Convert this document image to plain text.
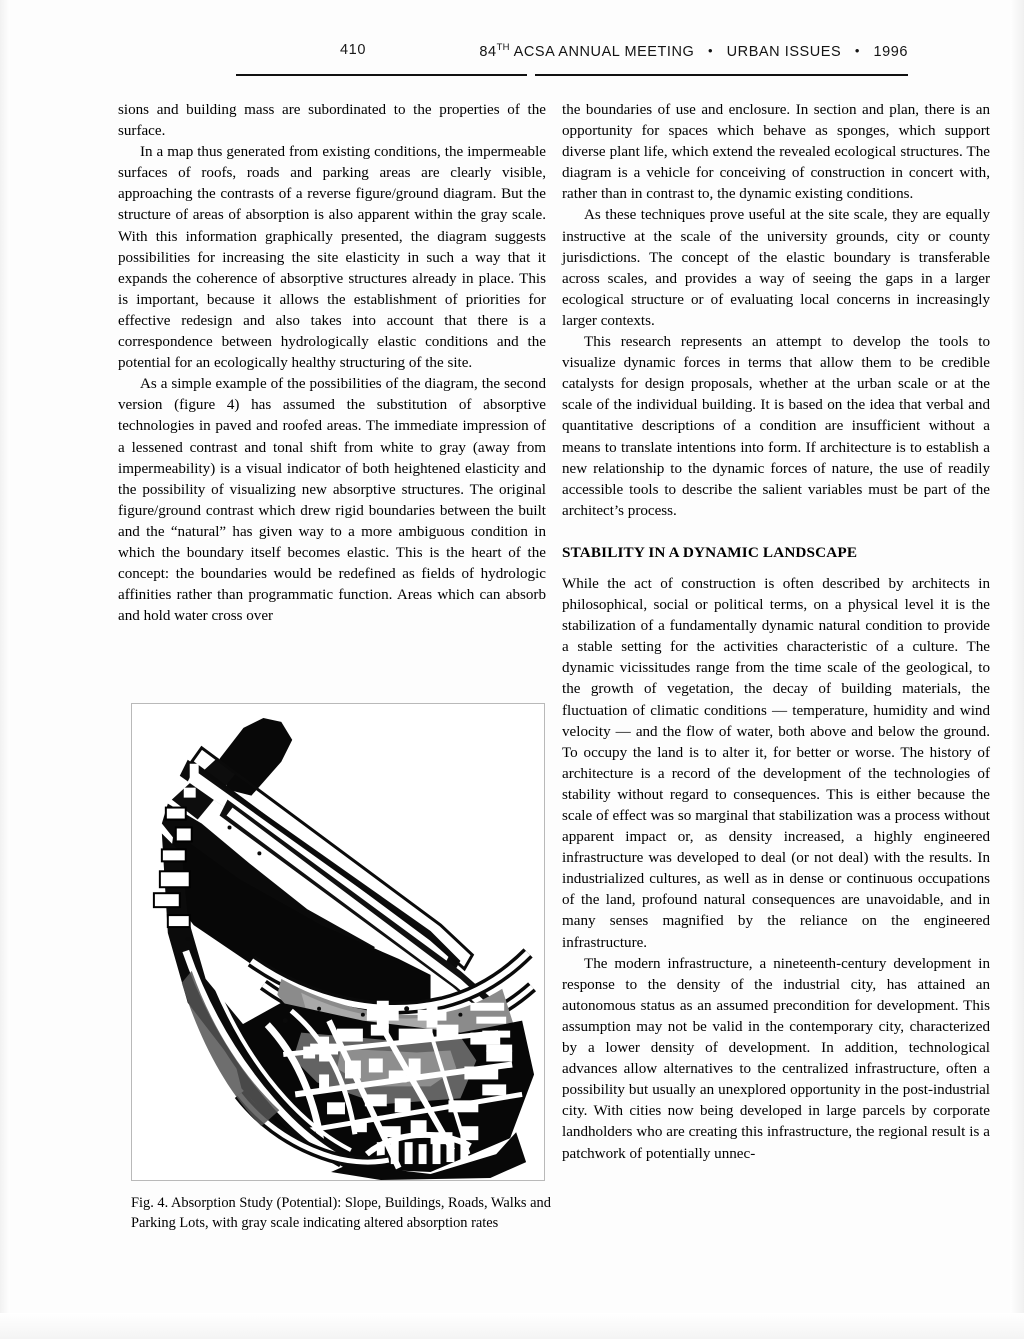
410	84TH ACSA ANNUAL MEETING • URBAN ISSUES • 1996

sions and building mass are subordinated to the properties of the surface.

In a map thus generated from existing conditions, the impermeable surfaces of roofs, roads and parking areas are clearly visible, approaching the contrasts of a reverse figure/ground diagram. But the structure of areas of absorption is also apparent within the gray scale. With this information graphically presented, the diagram suggests possibilities for increasing the site elasticity in such a way that it expands the coherence of absorptive structures already in place. This is important, because it allows the establishment of priorities for effective redesign and also takes into account that there is a correspondence between hydrologically elastic conditions and the potential for an ecologically healthy structuring of the site.

As a simple example of the possibilities of the diagram, the second version (figure 4) has assumed the substitution of absorptive technologies in paved and roofed areas. The immediate impression of a lessened contrast and tonal shift from white to gray (away from impermeability) is a visual indicator of both heightened elasticity and the possibility of visualizing new absorptive structures. The original figure/ground contrast which drew rigid boundaries between the built and the “natural” has given way to a more ambiguous condition in which the boundary itself becomes elastic. This is the heart of the concept: the boundaries would be redefined as fields of hydrologic affinities rather than programmatic function. Areas which can absorb and hold water cross over

the boundaries of use and enclosure. In section and plan, there is an opportunity for spaces which behave as sponges, which support diverse plant life, which extend the revealed ecological structures. The diagram is a vehicle for conceiving of construction in concert with, rather than in contrast to, the dynamic existing conditions.

As these techniques prove useful at the site scale, they are equally instructive at the scale of the university grounds, city or county jurisdictions. The concept of the elastic boundary is transferable across scales, and provides a way of seeing the gaps in a larger ecological structure or of evaluating local concerns in increasingly larger contexts.

This research represents an attempt to develop the tools to visualize dynamic forces in terms that allow them to be credible catalysts for design proposals, whether at the urban scale or at the scale of the individual building. It is based on the idea that verbal and quantitative descriptions of a condition are insufficient without a means to translate intentions into form. If architecture is to establish a new relationship to the dynamic forces of nature, the use of readily accessible tools to describe the salient variables must be part of the architect’s process.

STABILITY IN A DYNAMIC LANDSCAPE

While the act of construction is often described by architects in philosophical, social or political terms, on a physical level it is the stabilization of a fundamentally dynamic natural condition to provide a stable setting for the activities characteristic of a culture. The dynamic vicissitudes range from the time scale of the geological, to the growth of vegetation, the decay of building materials, the fluctuation of climatic conditions — temperature, humidity and wind velocity — and the flow of water, both above and below the ground. To occupy the land is to alter it, for better or worse. The history of architecture is a record of the development of the technologies of stability without regard to consequences. This is either because the scale of effect was so marginal that stabilization was a process without apparent impact or, as density increased, a highly engineered infrastructure was developed to deal (or not deal) with the results. In industrialized cultures, as well as in dense or continuous occupations of the land, profound natural consequences are unavoidable, and in many senses magnified by the reliance on the engineered infrastructure.

The modern infrastructure, a nineteenth-century development in response to the density of the industrial city, has attained an autonomous status as an assumed precondition for development. This assumption may not be valid in the contemporary city, characterized by a lower density of development. In addition, technological advances allow alternatives to the centralized infrastructure, often a possibility but usually an unexplored opportunity in the post-industrial city. With cities now being developed in large parcels by corporate landholders who are creating this infrastructure, the regional result is a patchwork of potentially unnec-

Fig. 4. Absorption Study (Potential): Slope, Buildings, Roads, Walks and Parking Lots, with gray scale indicating altered absorption rates
